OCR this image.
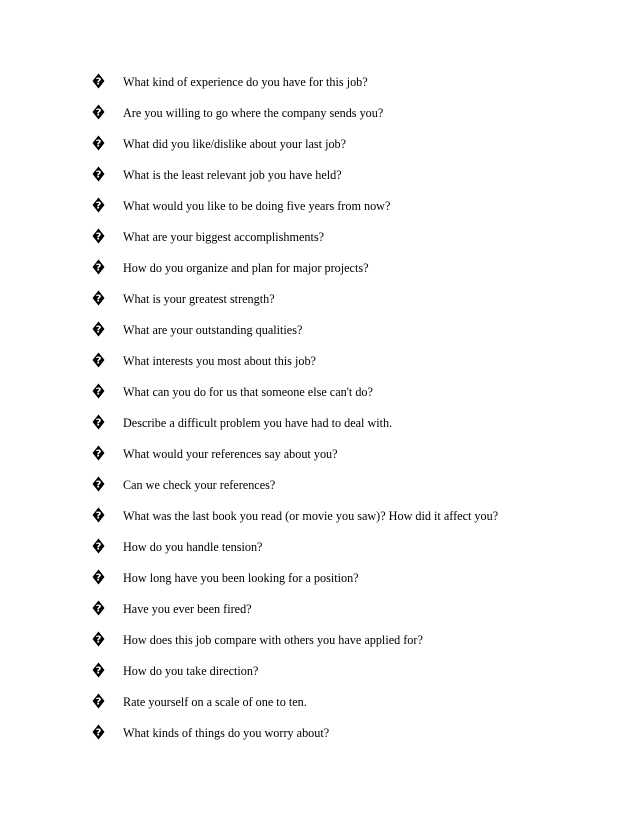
? What kind of experience do you have for this job?
? Are you willing to go where the company sends you?
? What did you like/dislike about your last job?
? What is the least relevant job you have held?
? What would you like to be doing five years from now?
? What are your biggest accomplishments?
? How do you organize and plan for major projects?
? What is your greatest strength?
? What are your outstanding qualities?
? What interests you most about this job?
? What can you do for us that someone else can't do?
? Describe a difficult problem you have had to deal with.
? What would your references say about you?
? Can we check your references?
? What was the last book you read (or movie you saw)? How did it affect you?
? How do you handle tension?
? How long have you been looking for a position?
? Have you ever been fired?
? How does this job compare with others you have applied for?
? How do you take direction?
? Rate yourself on a scale of one to ten.
? What kinds of things do you worry about?
